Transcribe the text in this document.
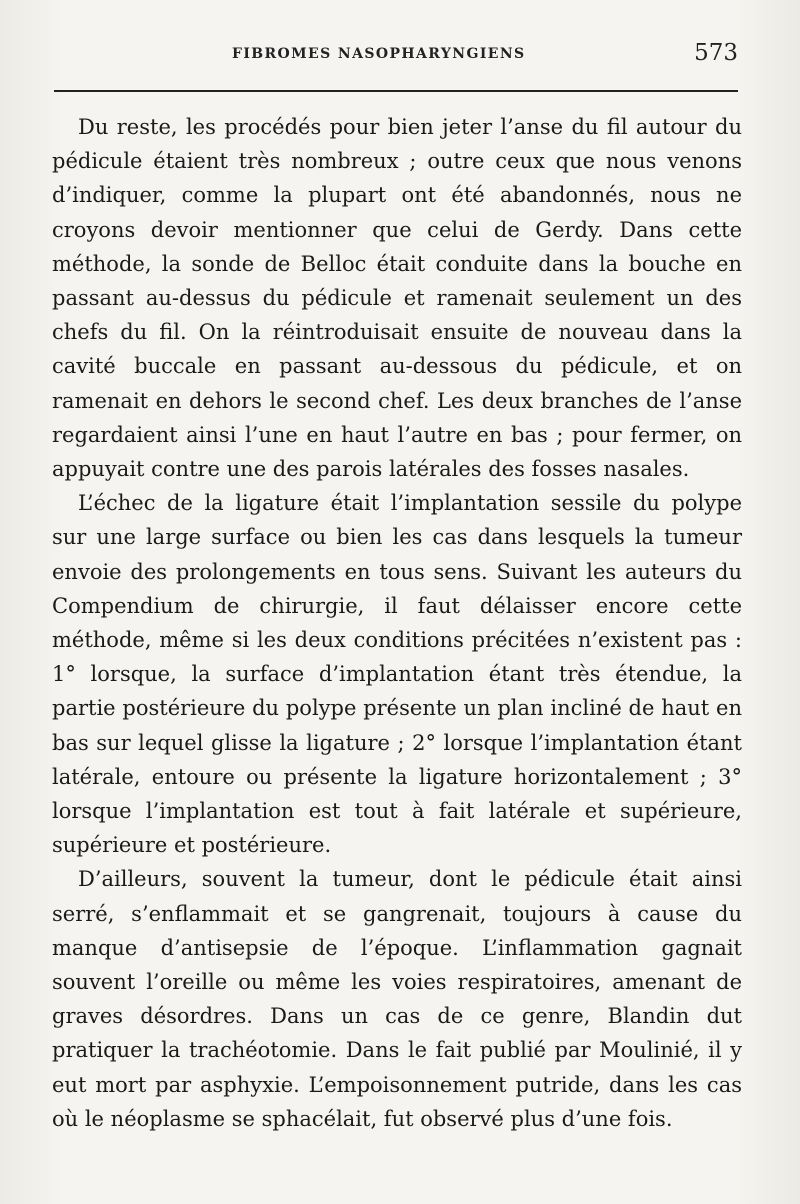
FIBROMES NASOPHARYNGIENS	573

Du reste, les procédés pour bien jeter l’anse du fil autour du pédicule étaient très nombreux ; outre ceux que nous venons d’indiquer, comme la plupart ont été abandonnés, nous ne croyons devoir mentionner que celui de Gerdy. Dans cette méthode, la sonde de Belloc était conduite dans la bouche en passant au-dessus du pédicule et ramenait seulement un des chefs du fil. On la réintroduisait ensuite de nouveau dans la cavité buccale en passant au-dessous du pédicule, et on ramenait en dehors le second chef. Les deux branches de l’anse regardaient ainsi l’une en haut l’autre en bas ; pour fermer, on appuyait contre une des parois latérales des fosses nasales.

L’échec de la ligature était l’implantation sessile du polype sur une large surface ou bien les cas dans lesquels la tumeur envoie des prolongements en tous sens. Suivant les auteurs du Compendium de chirurgie, il faut délaisser encore cette méthode, même si les deux conditions précitées n’existent pas : 1° lorsque, la surface d’implantation étant très étendue, la partie postérieure du polype présente un plan incliné de haut en bas sur lequel glisse la ligature ; 2° lorsque l’implantation étant latérale, entoure ou présente la ligature horizontalement ; 3° lorsque l’implantation est tout à fait latérale et supérieure, supérieure et postérieure.

D’ailleurs, souvent la tumeur, dont le pédicule était ainsi serré, s’enflammait et se gangrenait, toujours à cause du manque d’antisepsie de l’époque. L’inflammation gagnait souvent l’oreille ou même les voies respiratoires, amenant de graves désordres. Dans un cas de ce genre, Blandin dut pratiquer la trachéotomie. Dans le fait publié par Moulinié, il y eut mort par asphyxie. L’empoisonnement putride, dans les cas où le néoplasme se sphacélait, fut observé plus d’une fois.
